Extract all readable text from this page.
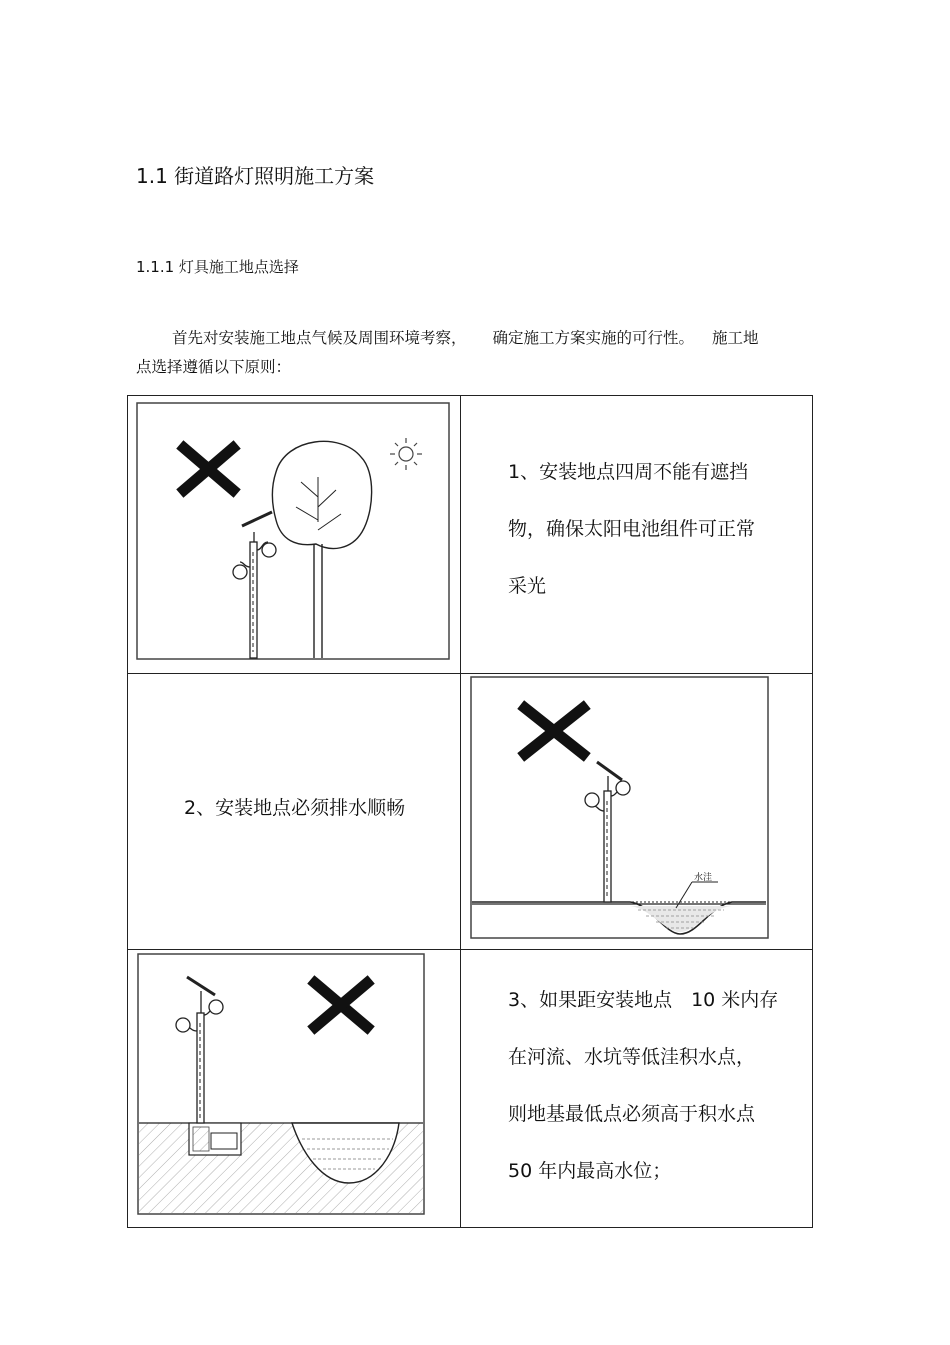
1.1 街道路灯照明施工方案
1.1.1 灯具施工地点选择
首先对安装施工地点气候及周围环境考察， 确定施工方案实施的可行性。 施工地
点选择遵循以下原则：
1、安装地点四周不能有遮挡
物，确保太阳电池组件可正常
采光
2、安装地点必须排水顺畅
3、如果距安装地点　10 米内存
在河流、水坑等低洼积水点，
则地基最低点必须高于积水点
50 年内最高水位；
水洼
